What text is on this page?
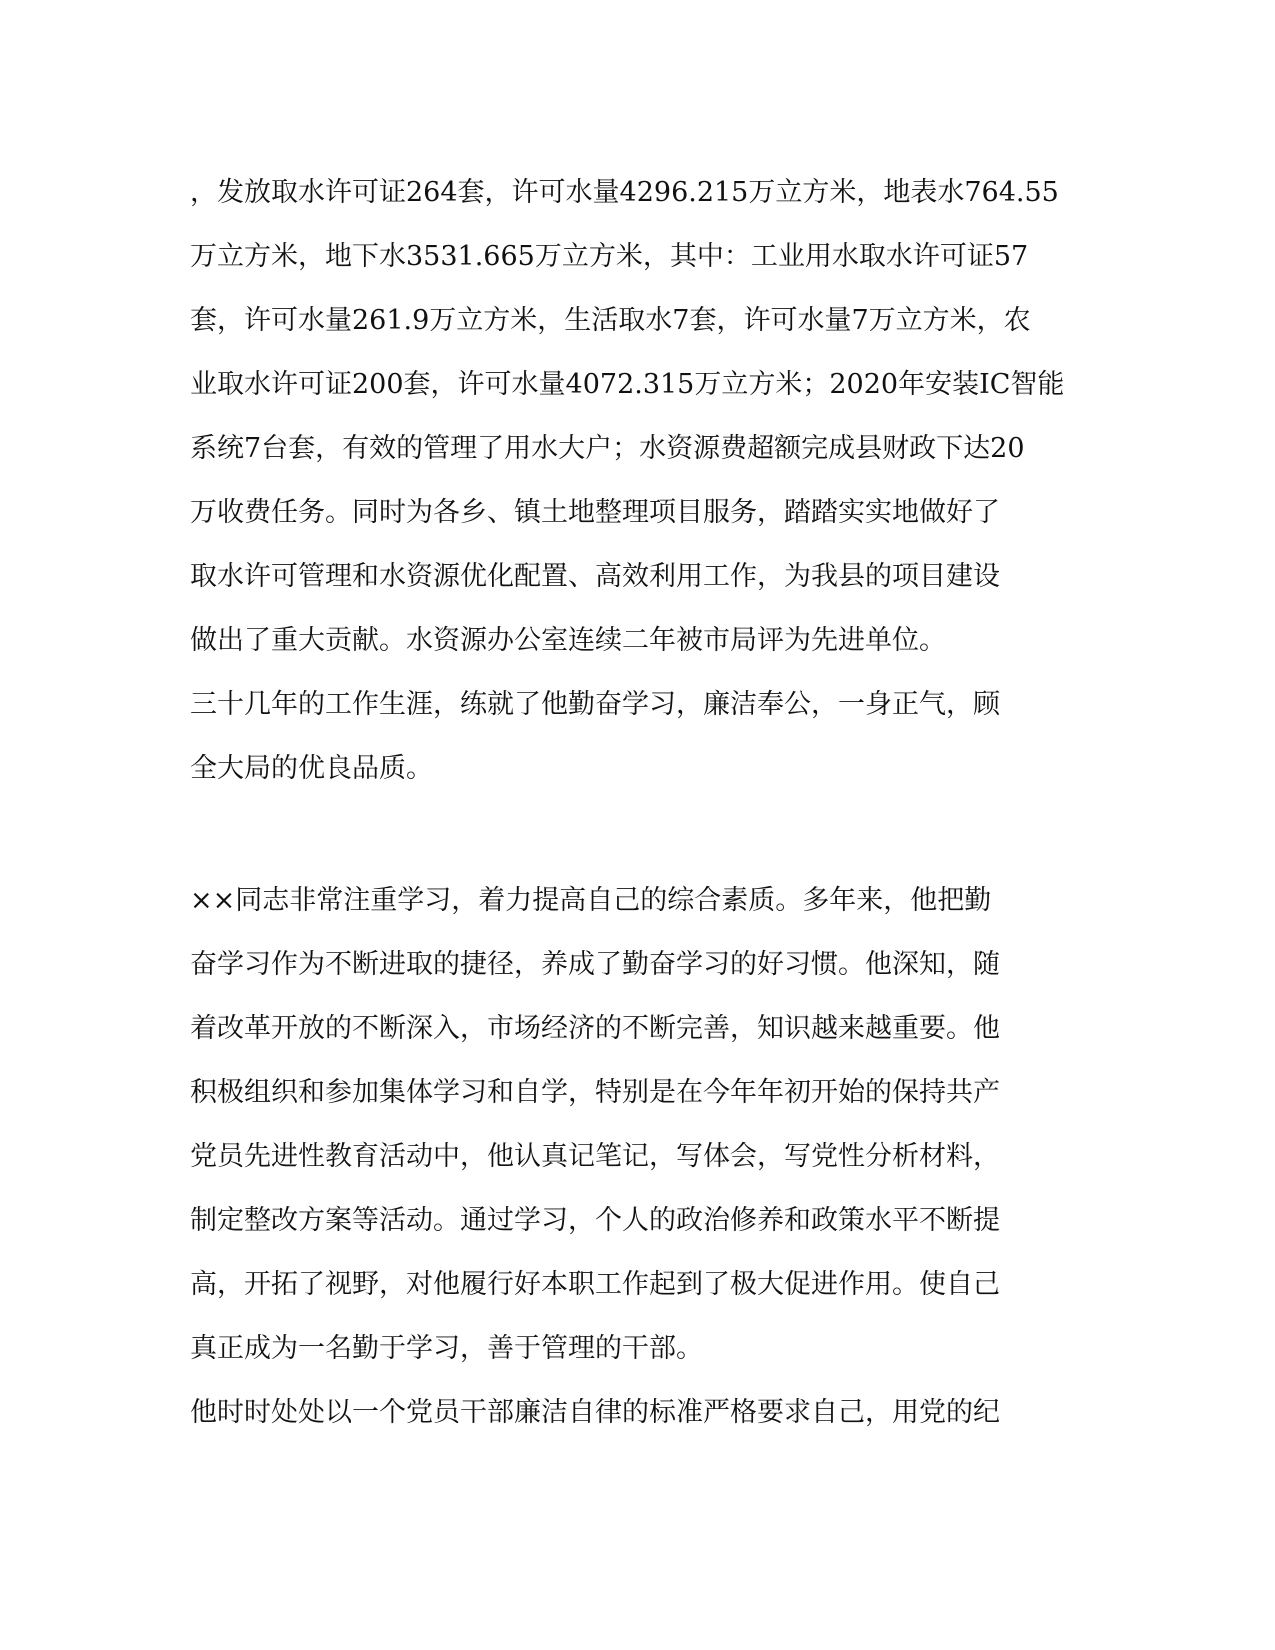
，发放取水许可证264套，许可水量4296.215万立方米，地表水764.55
万立方米，地下水3531.665万立方米，其中：工业用水取水许可证57
套，许可水量261.9万立方米，生活取水7套，许可水量7万立方米，农
业取水许可证200套，许可水量4072.315万立方米；2020年安装IC智能
系统7台套，有效的管理了用水大户；水资源费超额完成县财政下达20
万收费任务。同时为各乡、镇土地整理项目服务，踏踏实实地做好了
取水许可管理和水资源优化配置、高效利用工作，为我县的项目建设
做出了重大贡献。水资源办公室连续二年被市局评为先进单位。
三十几年的工作生涯，练就了他勤奋学习，廉洁奉公，一身正气，顾
全大局的优良品质。
××同志非常注重学习，着力提高自己的综合素质。多年来，他把勤
奋学习作为不断进取的捷径，养成了勤奋学习的好习惯。他深知，随
着改革开放的不断深入，市场经济的不断完善，知识越来越重要。他
积极组织和参加集体学习和自学，特别是在今年年初开始的保持共产
党员先进性教育活动中，他认真记笔记，写体会，写党性分析材料，
制定整改方案等活动。通过学习，个人的政治修养和政策水平不断提
高，开拓了视野，对他履行好本职工作起到了极大促进作用。使自己
真正成为一名勤于学习，善于管理的干部。
他时时处处以一个党员干部廉洁自律的标准严格要求自己，用党的纪
